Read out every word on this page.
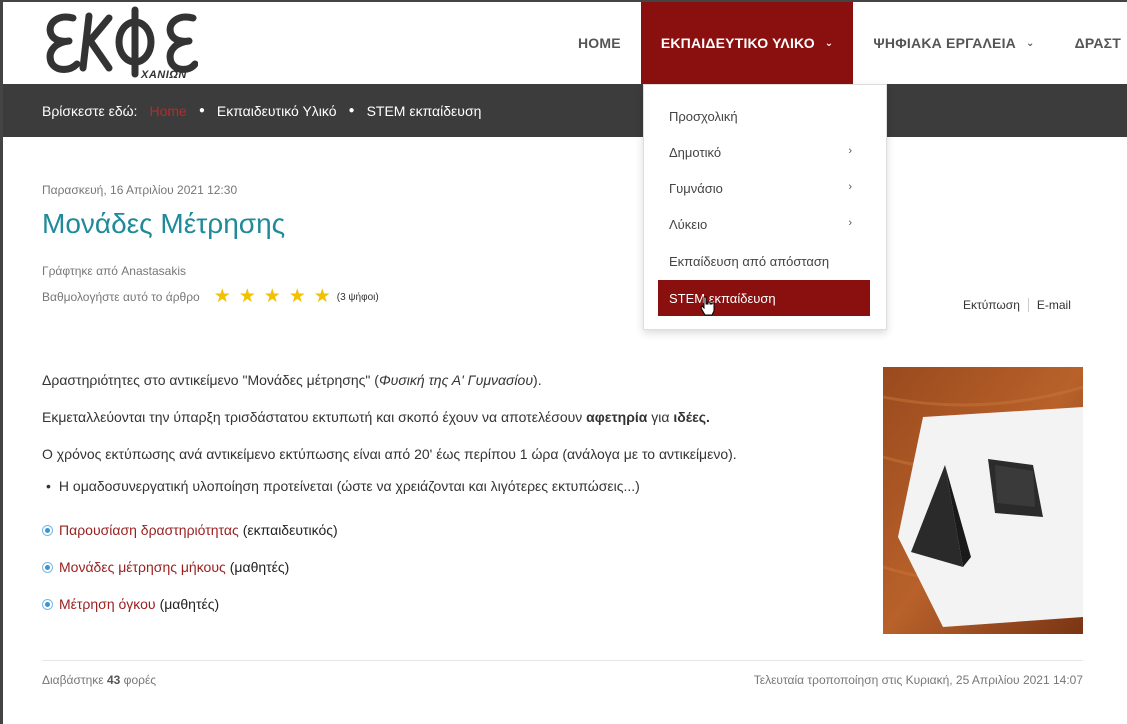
ΧΑΝΙΩΝ
HOME	ΕΚΠΑΙΔΕΥΤΙΚΟ ΥΛΙΚΟ ⌄	ΨΗΦΙΑΚΑ ΕΡΓΑΛΕΙΑ ⌄	ΔΡΑΣΤ
Βρίσκεστε εδώ: Home ● Εκπαιδευτικό Υλικό ● STEM εκπαίδευση
Παρασκευή, 16 Απριλίου 2021 12:30
Μονάδες Μέτρησης
Γράφτηκε από Anastasakis
Βαθμολογήστε αυτό το άρθρο ★ ★ ★ ★ ★ (3 ψήφοι)
Εκτύπωση E-mail
Δραστηριότητες στο αντικείμενο "Μονάδες μέτρησης" (Φυσική της Α' Γυμνασίου).
Εκμεταλλεύονται την ύπαρξη τρισδάστατου εκτυπωτή και σκοπό έχουν να αποτελέσουν αφετηρία για ιδέες.
Ο χρόνος εκτύπωσης ανά αντικείμενο εκτύπωσης είναι από 20' έως περίπου 1 ώρα (ανάλογα με το αντικείμενο).
• Η ομαδοσυνεργατική υλοποίηση προτείνεται (ώστε να χρειάζονται και λιγότερες εκτυπώσεις...)
Παρουσίαση δραστηριότητας (εκπαιδευτικός)
Μονάδες μέτρησης μήκους (μαθητές)
Μέτρηση όγκου (μαθητές)
Διαβάστηκε 43 φορές	Τελευταία τροποποίηση στις Κυριακή, 25 Απριλίου 2021 14:07
Προσχολική
Δημοτικό	›
Γυμνάσιο	›
Λύκειο	›
Εκπαίδευση από απόσταση
STEM εκπαίδευση
